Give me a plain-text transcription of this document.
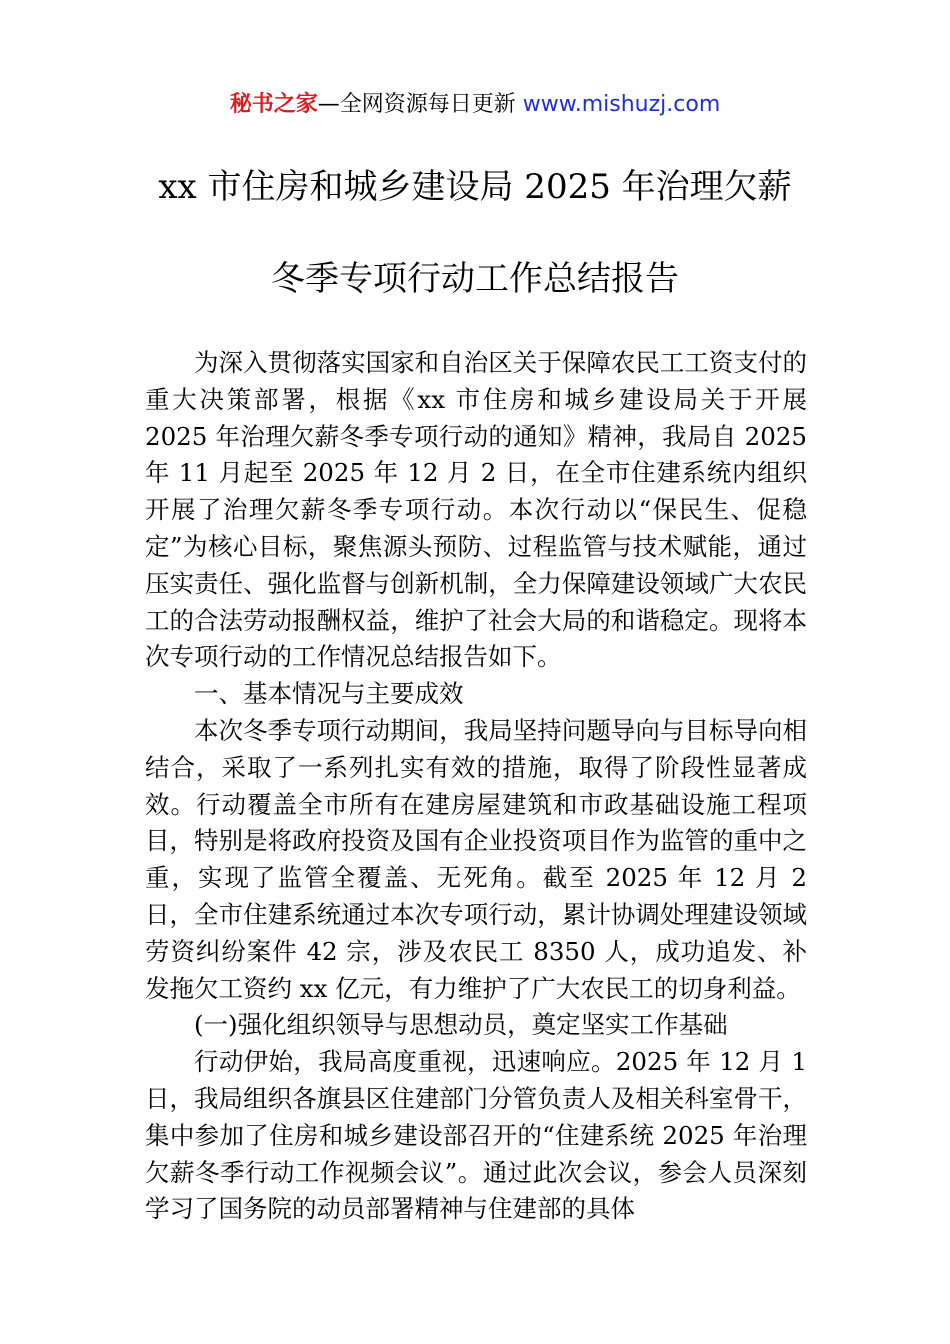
秘书之家—全网资源每日更新 www.mishuzj.com
xx 市住房和城乡建设局 2025 年治理欠薪
冬季专项行动工作总结报告

为深入贯彻落实国家和自治区关于保障农民工工资支付的重大决策部署，根据《xx 市住房和城乡建设局关于开展 2025 年治理欠薪冬季专项行动的通知》精神，我局自 2025 年 11 月起至 2025 年 12 月 2 日，在全市住建系统内组织开展了治理欠薪冬季专项行动。本次行动以“保民生、促稳定”为核心目标，聚焦源头预防、过程监管与技术赋能，通过压实责任、强化监督与创新机制，全力保障建设领域广大农民工的合法劳动报酬权益，维护了社会大局的和谐稳定。现将本次专项行动的工作情况总结报告如下。

一、基本情况与主要成效

本次冬季专项行动期间，我局坚持问题导向与目标导向相结合，采取了一系列扎实有效的措施，取得了阶段性显著成效。行动覆盖全市所有在建房屋建筑和市政基础设施工程项目，特别是将政府投资及国有企业投资项目作为监管的重中之重，实现了监管全覆盖、无死角。截至 2025 年 12 月 2 日，全市住建系统通过本次专项行动，累计协调处理建设领域劳资纠纷案件 42 宗，涉及农民工 8350 人，成功追发、补发拖欠工资约 xx 亿元，有力维护了广大农民工的切身利益。

(一)强化组织领导与思想动员，奠定坚实工作基础

行动伊始，我局高度重视，迅速响应。2025 年 12 月 1 日，我局组织各旗县区住建部门分管负责人及相关科室骨干，集中参加了住房和城乡建设部召开的“住建系统 2025 年治理欠薪冬季行动工作视频会议”。通过此次会议，参会人员深刻学习了国务院的动员部署精神与住建部的具体
